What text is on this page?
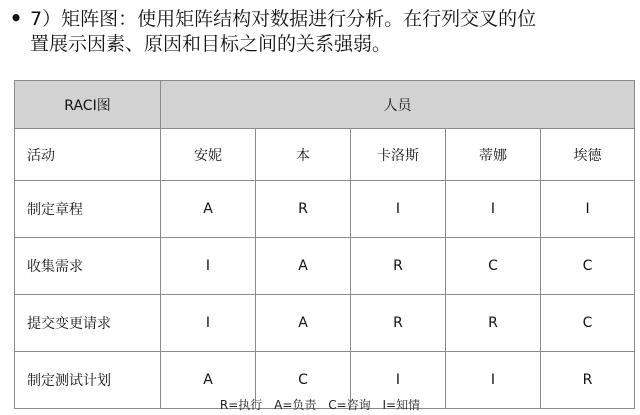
• 7）矩阵图：使用矩阵结构对数据进行分析。在行列交叉的位
置展示因素、原因和目标之间的关系强弱。
RACI图	人员				
活动	安妮	本	卡洛斯	蒂娜	埃德
制定章程	A	R	I	I	I
收集需求	I	A	R	C	C
提交变更请求	I	A	R	R	C
制定测试计划	A	C	I	I	R
R=执行 A=负责 C=咨询 I=知情
